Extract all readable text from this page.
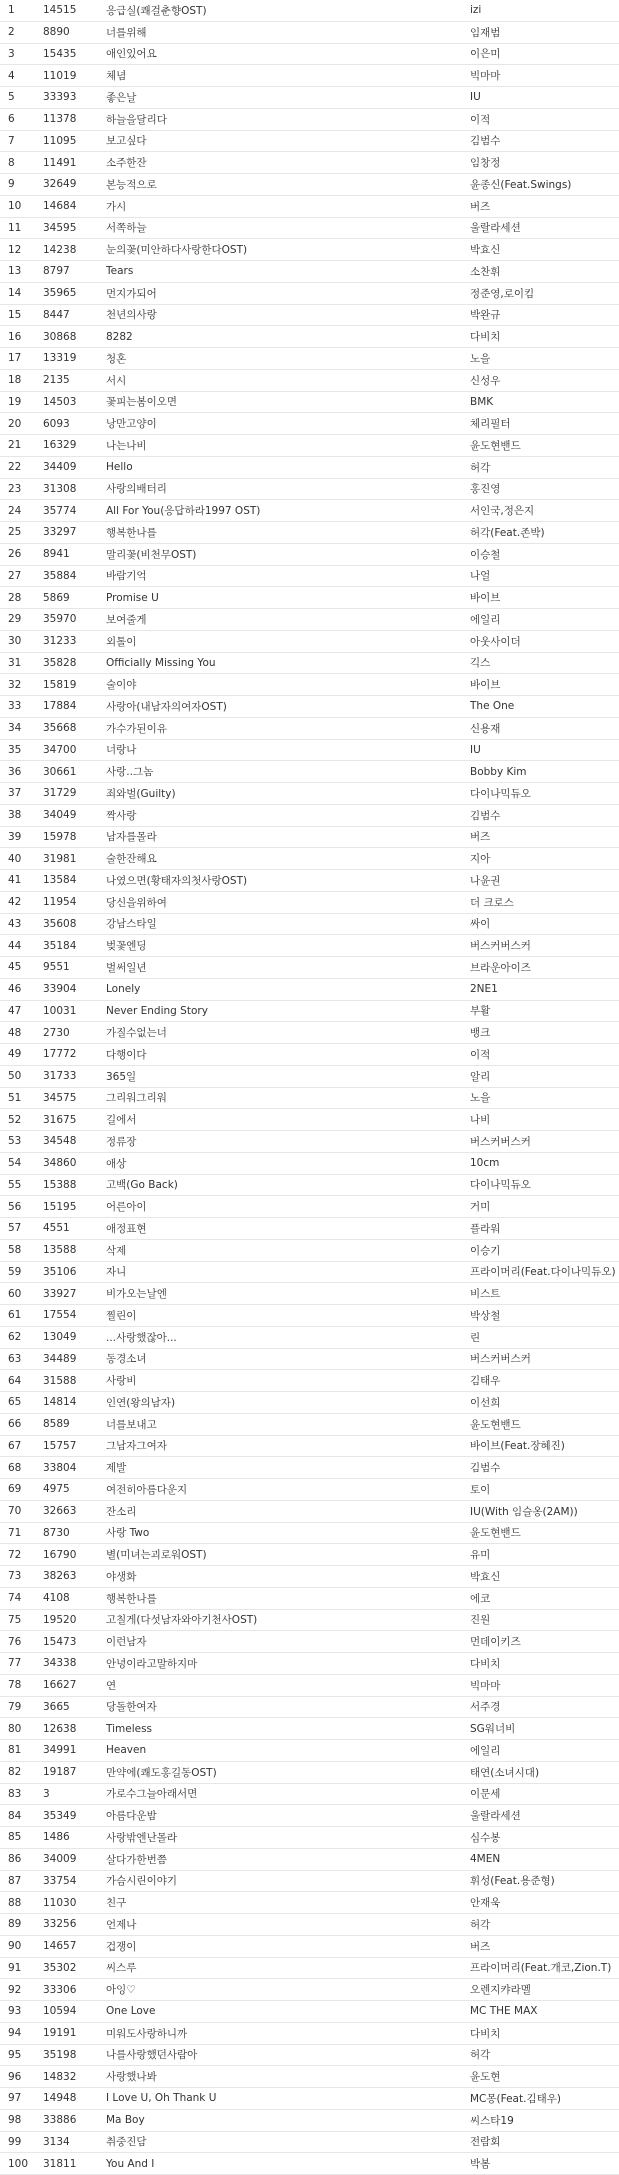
1	14515	응급실(쾌걸춘향OST)	izi
2	8890	너를위해	임재범
3	15435	애인있어요	이은미
4	11019	체념	빅마마
5	33393	좋은날	IU
6	11378	하늘을달리다	이적
7	11095	보고싶다	김범수
8	11491	소주한잔	임창정
9	32649	본능적으로	윤종신(Feat.Swings)
10	14684	가시	버즈
11	34595	서쪽하늘	울랄라세션
12	14238	눈의꽃(미안하다사랑한다OST)	박효신
13	8797	Tears	소찬휘
14	35965	먼지가되어	정준영,로이킴
15	8447	천년의사랑	박완규
16	30868	8282	다비치
17	13319	청혼	노을
18	2135	서시	신성우
19	14503	꽃피는봄이오면	BMK
20	6093	낭만고양이	체리필터
21	16329	나는나비	윤도현밴드
22	34409	Hello	허각
23	31308	사랑의배터리	홍진영
24	35774	All For You(응답하라1997 OST)	서인국,정은지
25	33297	행복한나를	허각(Feat.존박)
26	8941	말리꽃(비천무OST)	이승철
27	35884	바람기억	나얼
28	5869	Promise U	바이브
29	35970	보여줄게	에일리
30	31233	외톨이	아웃사이더
31	35828	Officially Missing You	긱스
32	15819	술이야	바이브
33	17884	사랑아(내남자의여자OST)	The One
34	35668	가수가된이유	신용재
35	34700	너랑나	IU
36	30661	사랑..그놈	Bobby Kim
37	31729	죄와벌(Guilty)	다이나믹듀오
38	34049	짝사랑	김범수
39	15978	남자를몰라	버즈
40	31981	술한잔해요	지아
41	13584	나였으면(황태자의첫사랑OST)	나윤권
42	11954	당신을위하여	더 크로스
43	35608	강남스타일	싸이
44	35184	벚꽃엔딩	버스커버스커
45	9551	벌써일년	브라운아이즈
46	33904	Lonely	2NE1
47	10031	Never Ending Story	부활
48	2730	가질수없는너	뱅크
49	17772	다행이다	이적
50	31733	365일	알리
51	34575	그리워그리워	노을
52	31675	길에서	나비
53	34548	정류장	버스커버스커
54	34860	애상	10cm
55	15388	고백(Go Back)	다이나믹듀오
56	15195	어른아이	거미
57	4551	애정표현	플라워
58	13588	삭제	이승기
59	35106	자니	프라이머리(Feat.다이나믹듀오)
60	33927	비가오는날엔	비스트
61	17554	찔린이	박상철
62	13049	...사랑했잖아...	린
63	34489	동경소녀	버스커버스커
64	31588	사랑비	김태우
65	14814	인연(왕의남자)	이선희
66	8589	너를보내고	윤도현밴드
67	15757	그남자그여자	바이브(Feat.장혜진)
68	33804	제발	김범수
69	4975	여전히아름다운지	토이
70	32663	잔소리	IU(With 임슬옹(2AM))
71	8730	사랑 Two	윤도현밴드
72	16790	별(미녀는괴로워OST)	유미
73	38263	야생화	박효신
74	4108	행복한나를	에코
75	19520	고칠게(다섯남자와아기천사OST)	진원
76	15473	이런남자	먼데이키즈
77	34338	안녕이라고말하지마	다비치
78	16627	연	빅마마
79	3665	당돌한여자	서주경
80	12638	Timeless	SG워너비
81	34991	Heaven	에일리
82	19187	만약에(쾌도홍길동OST)	태연(소녀시대)
83	3	가로수그늘아래서면	이문세
84	35349	아름다운밤	울랄라세션
85	1486	사랑밖엔난몰라	심수봉
86	34009	살다가한번쯤	4MEN
87	33754	가슴시린이야기	휘성(Feat.용준형)
88	11030	친구	안재욱
89	33256	언제나	허각
90	14657	겁쟁이	버즈
91	35302	씨스루	프라이머리(Feat.개코,Zion.T)
92	33306	아잉♡	오렌지캬라멜
93	10594	One Love	MC THE MAX
94	19191	미워도사랑하니까	다비치
95	35198	나를사랑했던사람아	허각
96	14832	사랑했나봐	윤도현
97	14948	I Love U, Oh Thank U	MC몽(Feat.김태우)
98	33886	Ma Boy	씨스타19
99	3134	취중진담	전람회
100	31811	You And I	박봄
